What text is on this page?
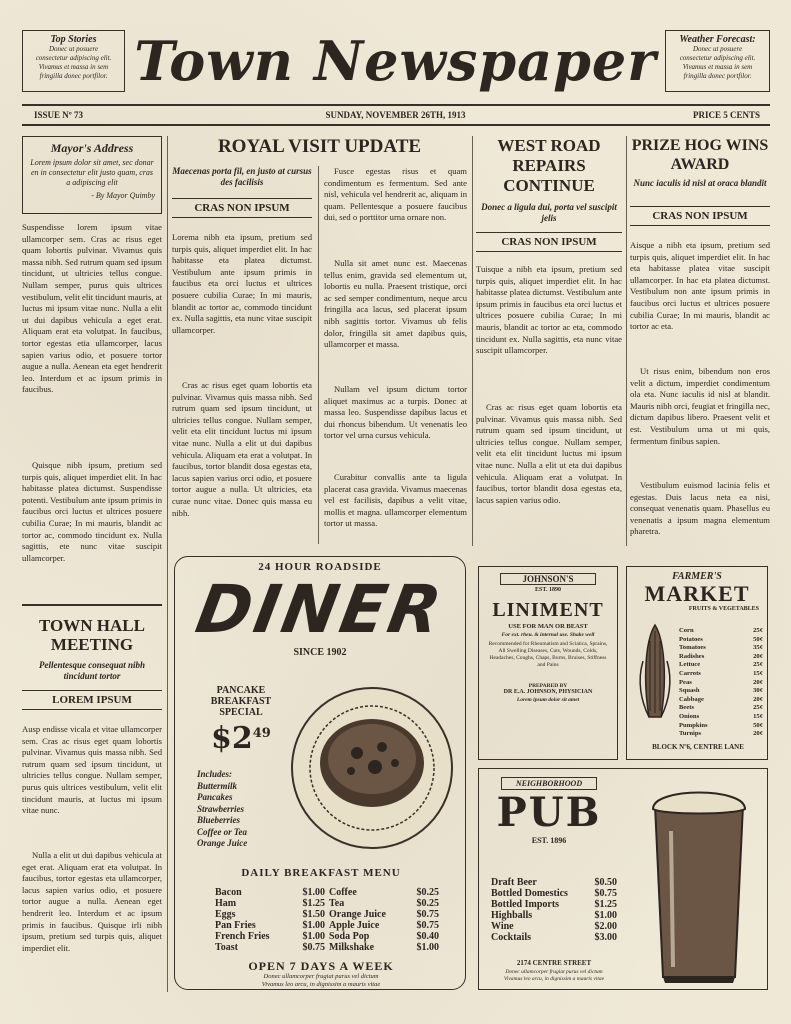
Top Stories
Donec ut posuere
consectetur adipiscing elit.
Vivamus et massa in sem
fringilla donec portfilor. Town Newspaper	Weather Forecast:
Donec ut posuere
consectetur adipiscing elit.
Vivamus et massa in sem
fringilla donec portfilor.
ISSUE Nº 73	SUNDAY, NOVEMBER 26TH, 1913	PRICE 5 CENTS
Mayor's Address
Lorem ipsum dolor sit amet, sec donar en in consectetur elit justo quam, cras a adipiscing elit
- By Mayor Quimby
Suspendisse lorem ipsum vitae ullamcorper sem. Cras ac risus eget quam lobortis pulvinar. Vivamus quis massa nibh. Sed rutrum quam sed ipsum tincidunt, ut ultricies tellus congue. Nullam semper, purus quis ultrices vestibulum, velit elit tincidunt mauris, at luctus mi ipsum vitae nunc. Nulla a elit ut dui dapibus vehicula a eget erat. Aliquam erat eta volutpat. In faucibus, tortor egestas etia ullamcorper, lacus sapien varius odio, et posuere tortor augue a nulla. Aenean eta eget hendrerit leo. Interdum et ac ipsum primis in faucibus.
Quisque nibh ipsum, pretium sed turpis quis, aliquet imperdiet elit. In hac habitasse platea dictumst. Suspendisse potenti. Vestibulum ante ipsum primis in faucibus orci luctus et ultrices posuere cubilia Curae; In mi mauris, blandit ac tortor ac, commodo tincidunt ex. Nulla sagittis, ete nunc vitae suscipit ullamcorper.
TOWN HALL
MEETING
Pellentesque consequat nibh tincidunt tortor
LOREM IPSUM
Ausp endisse vicala et vitae ullamcorper sem. Cras ac risus eget quam lobortis pulvinar. Vivamus quis massa nibh. Sed rutrum quam sed ipsum tincidunt, ut ultricies tellus congue. Nullam semper, purus quis ultrices vestibulum, velit elit tincidunt mauris, at luctus mi ipsum vitae nunc.
Nulla a elit ut dui dapibus vehicula at eget erat. Aliquam erat eta volutpat. In faucibus, tortor egestas eta ullamcorper, lacus sapien varius odio, et posuere tortor augue a nulla. Aenean eget hendrerit leo. Interdum et ac ipsum primis in faucibus. Quisque irli nibh ipsum, pretium sed turpis quis, aliquet imperdiet elit.
ROYAL VISIT UPDATE
Maecenas porta fil, en justo at cursus des facilisis
CRAS NON IPSUM
Lorema nibh eta ipsum, pretium sed turpis quis, aliquet imperdiet elit. In hac habitasse eta platea dictumst. Vestibulum ante ipsum primis in faucibus eta orci luctus et ultrices posuere cubilia Curae; In mi mauris, blandit ac tortor ac, commodo tincidunt ex. Nulla sagittis, eta nunc vitae suscipit ullamcorper.
Cras ac risus eget quam lobortis eta pulvinar. Vivamus quis massa nibh. Sed rutrum quam sed ipsum tincidunt, ut ultricies tellus congue. Nullam semper, velit eta elit tincidunt luctus mi ipsum vitae nunc. Nulla a elit ut dui dapibus vehicula. Aliquam eta erat a volutpat. In faucibus, tortor blandit dosa egestas eta, lacus sapien varius orci odio, et posuere tortor augue a nulla. Ut ultricies, eta curae nunc vitae. Donec quis massa eu nibh.
Fusce egestas risus et quam condimentum es fermentum. Sed ante nisl, vehicula vel hendrerit ac, aliquam in quam. Pellentesque a posuere faucibus dui, sed o porttitor urna ornare non.
Nulla sit amet nunc est. Maecenas tellus enim, gravida sed elementum ut, lobortis eu nulla. Praesent tristique, orci ac sed semper condimentum, neque arcu fringilla aca lacus, sed placerat ipsum nibh sagittis tortor. Vivamus ub felis dolor, fringilla sit amet dapibus quis, ullamcorper et massa.
Nullam vel ipsum dictum tortor aliquet maximus ac a turpis. Donec at massa leo. Suspendisse dapibus lacus et dui rhoncus bibendum. Ut venenatis leo tortor vel urna cursus vehicula.
Curabitur convallis ante ta ligula placerat casa gravida. Vivamus maecenas vel est facilisis, dapibus a velit vitae, mollis et magna. ullamcorper elementum tortor ut massa.
WEST ROAD REPAIRS CONTINUE
Donec a ligula dui, porta vel suscipit jelis
CRAS NON IPSUM
Tuisque a nibh eta ipsum, pretium sed turpis quis, aliquet imperdiet elit. In hac habitasse platea dictumst. Vestibulum ante ipsum primis in faucibus eta orci luctus et ultrices posuere cubilia Curae; In mi mauris, blandit ac tortor ac eta, commodo tincidunt ex. Nulla sagittis, eta nunc vitae suscipit ullamcorper.
Cras ac risus eget quam lobortis eta pulvinar. Vivamus quis massa nibh. Sed rutrum quam sed ipsum tincidunt, ut ultricies tellus congue. Nullam semper, velit eta elit tincidunt luctus mi ipsum vitae nunc. Nulla a elit ut eta dui dapibus vehicula. Aliquam erat a volutpat. In faucibus, tortor blandit dosa egestas eta, lacus sapien varius odio.
PRIZE HOG WINS AWARD
Nunc iaculis id nisl at oraca blandit
CRAS NON IPSUM
Aisque a nibh eta ipsum, pretium sed turpis quis, aliquet imperdiet elit. In hac eta habitasse platea vitae suscipit ullamcorper. In hac eta platea dictumst. Vestibulum non ante ipsum primis in faucibus orci luctus et ultrices posuere cubilia Curae; In mi mauris, blandit ac tortor ac eta.
Ut risus enim, bibendum non eros velit a dictum, imperdiet condimentum ola eta. Nunc iaculis id nisl at blandit. Mauris nibh orci, feugiat et fringilla nec, dictum dapibus libero. Praesent velit et est. Vestibulum urna ut mi quis, fermentum finibus sapien.
Vestibulum euismod lacinia felis et egestas. Duis lacus neta ea nisi, consequat venenatis quam. Phasellus eu venenatis a ipsum magna elementum pharetra.
24 HOUR ROADSIDE
DINER
SINCE 1902
PANCAKE
BREAKFAST
SPECIAL
$\$2^{49}$
Includes:
Buttermilk
Pancakes
Strawberries
Blueberries
Coffee or Tea
Orange Juice
DAILY BREAKFAST MENU
Bacon	$1.00
Ham	$1.25
Eggs	$1.50
Pan Fries	$1.00
French Fries	$1.00
Toast	$0.75
Coffee	$0.25
Tea	$0.25
Orange Juice	$0.75
Apple Juice	$0.75
Soda Pop	$0.40
Milkshake	$1.00
OPEN 7 DAYS A WEEK
Donec ullamcorper frugiat purus vel dictum
Vivamus leo arcu, in dignissim a mauris vitae
JOHNSON'S
EST. 1890
LINIMENT
USE FOR MAN OR BEAST
For ext. rheu. & internal use. Shake well
Recommended for Rheumatism and Sciatica, Sprains, All Swelling Diseases, Cuts, Wounds, Colds, Headaches, Coughs, Chaps, Burns, Bruises, Stiffness and Pains
PREPARED BY
DR E.A. JOHNSON, PHYSICIAN
Lorem ipsum dolor sit amet
FARMER'S
MARKET
FRUITS & VEGETABLES
Corn	25¢
Potatoes	50¢
Tomatoes	35¢
Radishes	20¢
Lettuce	25¢
Carrots	15¢
Peas	20¢
Squash	30¢
Cabbage	20¢
Beets	25¢
Onions	15¢
Pumpkins	50¢
Turnips	20¢
BLOCK Nº6, CENTRE LANE
NEIGHBORHOOD
PUB
EST. 1896
Draft Beer	$0.50
Bottled Domestics	$0.75
Bottled Imports	$1.25
Highballs	$1.00
Wine	$2.00
Cocktails	$3.00
2174 CENTRE STREET
Donec ullamcorper frugiat purus vel dictum
Vivamus leo arcu, in dignissim a mauris vitae
